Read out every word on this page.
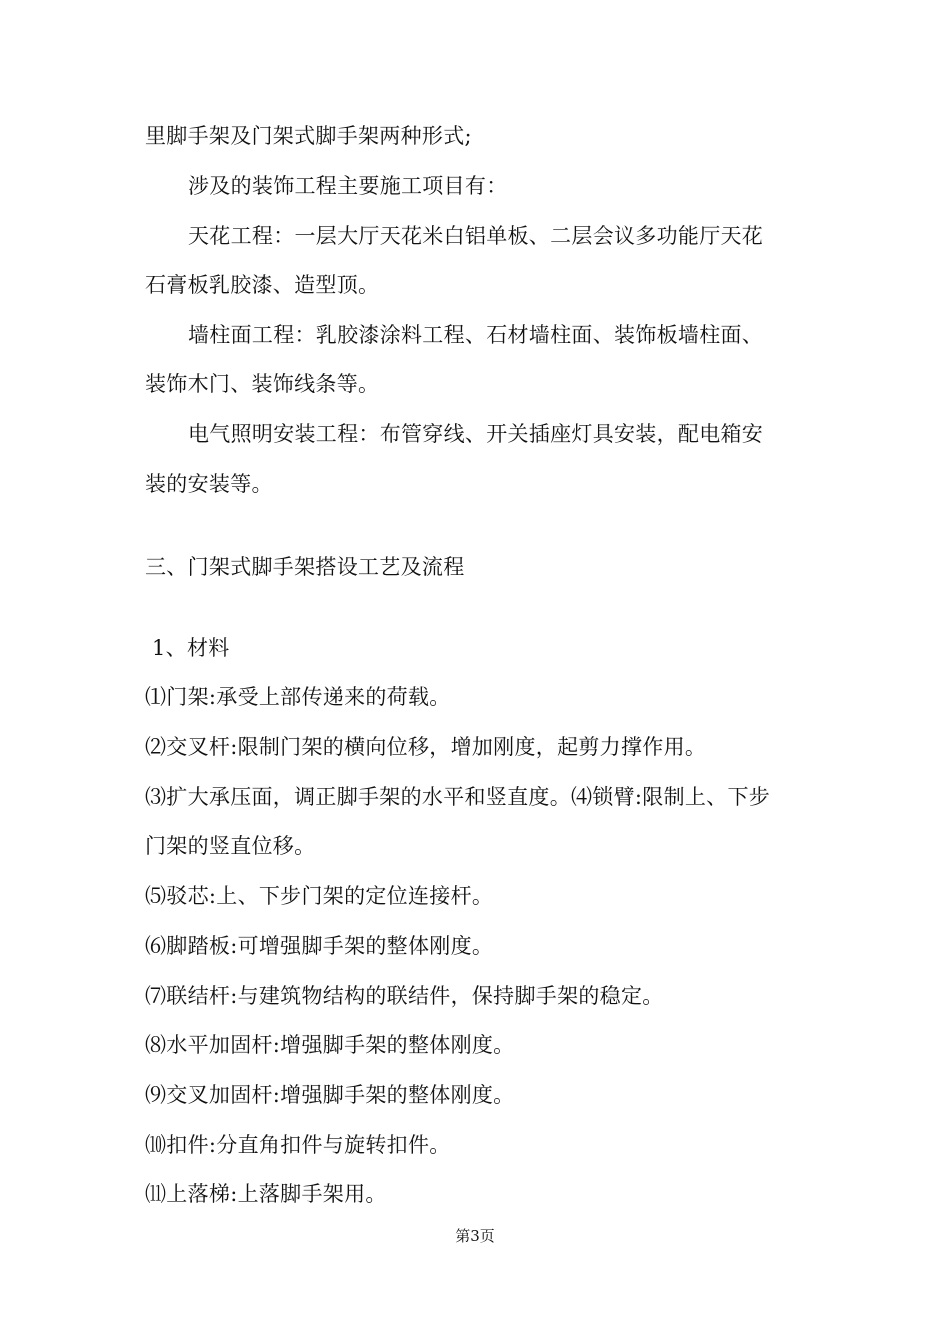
里脚手架及门架式脚手架两种形式;
涉及的装饰工程主要施工项目有：
天花工程：一层大厅天花米白铝单板、二层会议多功能厅天花
石膏板乳胶漆、造型顶。
墙柱面工程：乳胶漆涂料工程、石材墙柱面、装饰板墙柱面、
装饰木门、装饰线条等。
电气照明安装工程：布管穿线、开关插座灯具安装，配电箱安
装的安装等。
三、门架式脚手架搭设工艺及流程
1、材料
⑴门架:承受上部传递来的荷载。
⑵交叉杆:限制门架的横向位移，增加刚度，起剪力撑作用。
⑶扩大承压面，调正脚手架的水平和竖直度。⑷锁臂:限制上、下步
门架的竖直位移。
⑸驳芯:上、下步门架的定位连接杆。
⑹脚踏板:可增强脚手架的整体刚度。
⑺联结杆:与建筑物结构的联结件，保持脚手架的稳定。
⑻水平加固杆:增强脚手架的整体刚度。
⑼交叉加固杆:增强脚手架的整体刚度。
⑽扣件:分直角扣件与旋转扣件。
⑾上落梯:上落脚手架用。
第3页
